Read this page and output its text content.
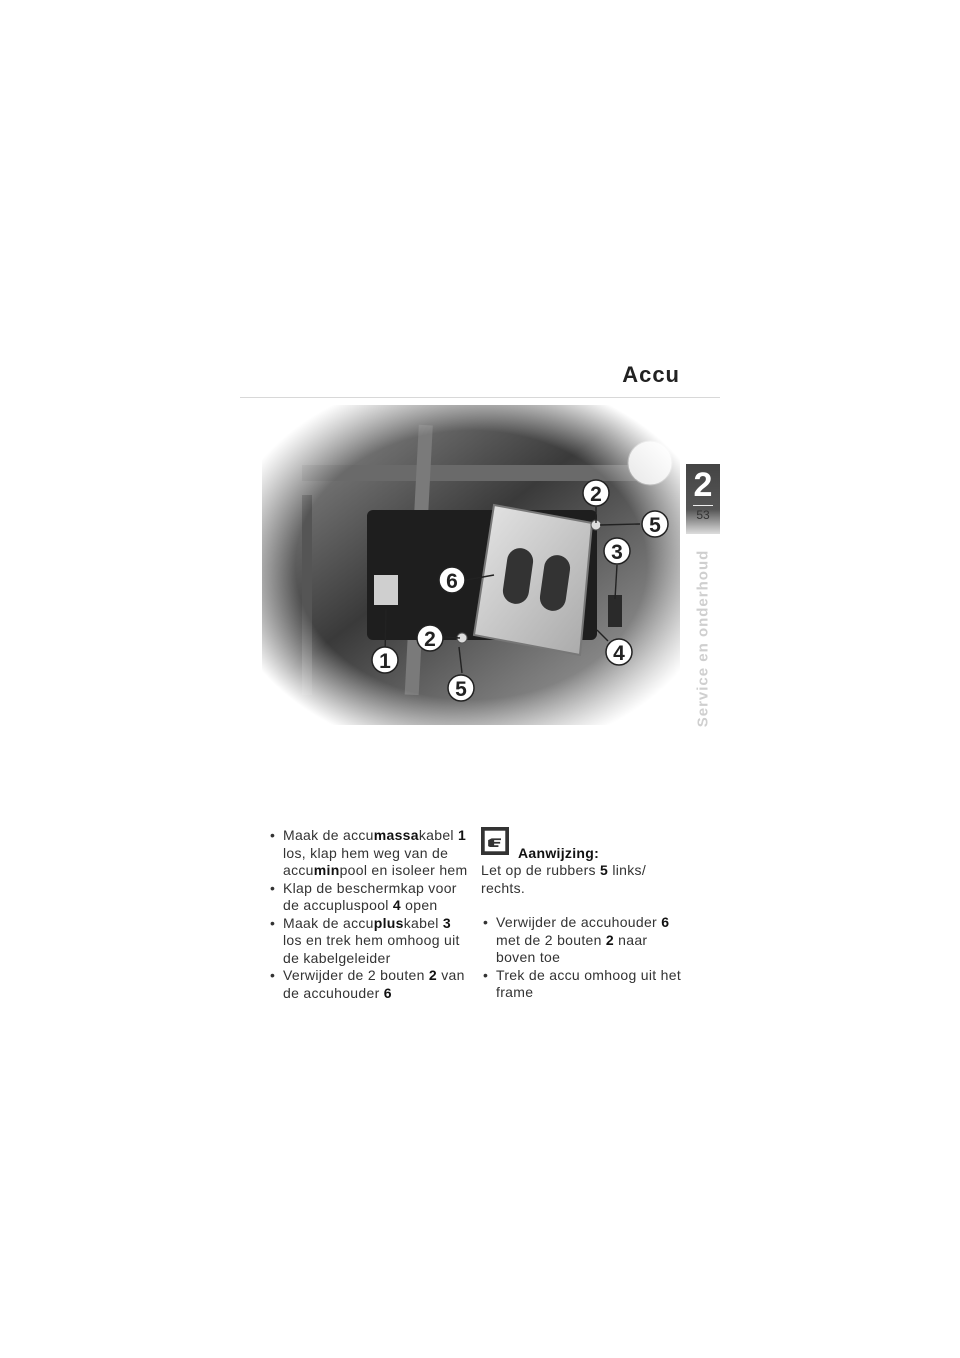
Accu
2
53
Service en onderhoud
2
5
3
6
2
4
1
5

• Maak de accumassakabel 1 los, klap hem weg van de accuminpool en isoleer hem

• Klap de beschermkap voor de accupluspool 4 open

• Maak de accupluskabel 3 los en trek hem omhoog uit de kabelgeleider

• Verwijder de 2 bouten 2 van de accuhouder 6

Aanwijzing:

Let op de rubbers 5 links/ rechts.

• Verwijder de accuhouder 6 met de 2 bouten 2 naar boven toe

• Trek de accu omhoog uit het frame
